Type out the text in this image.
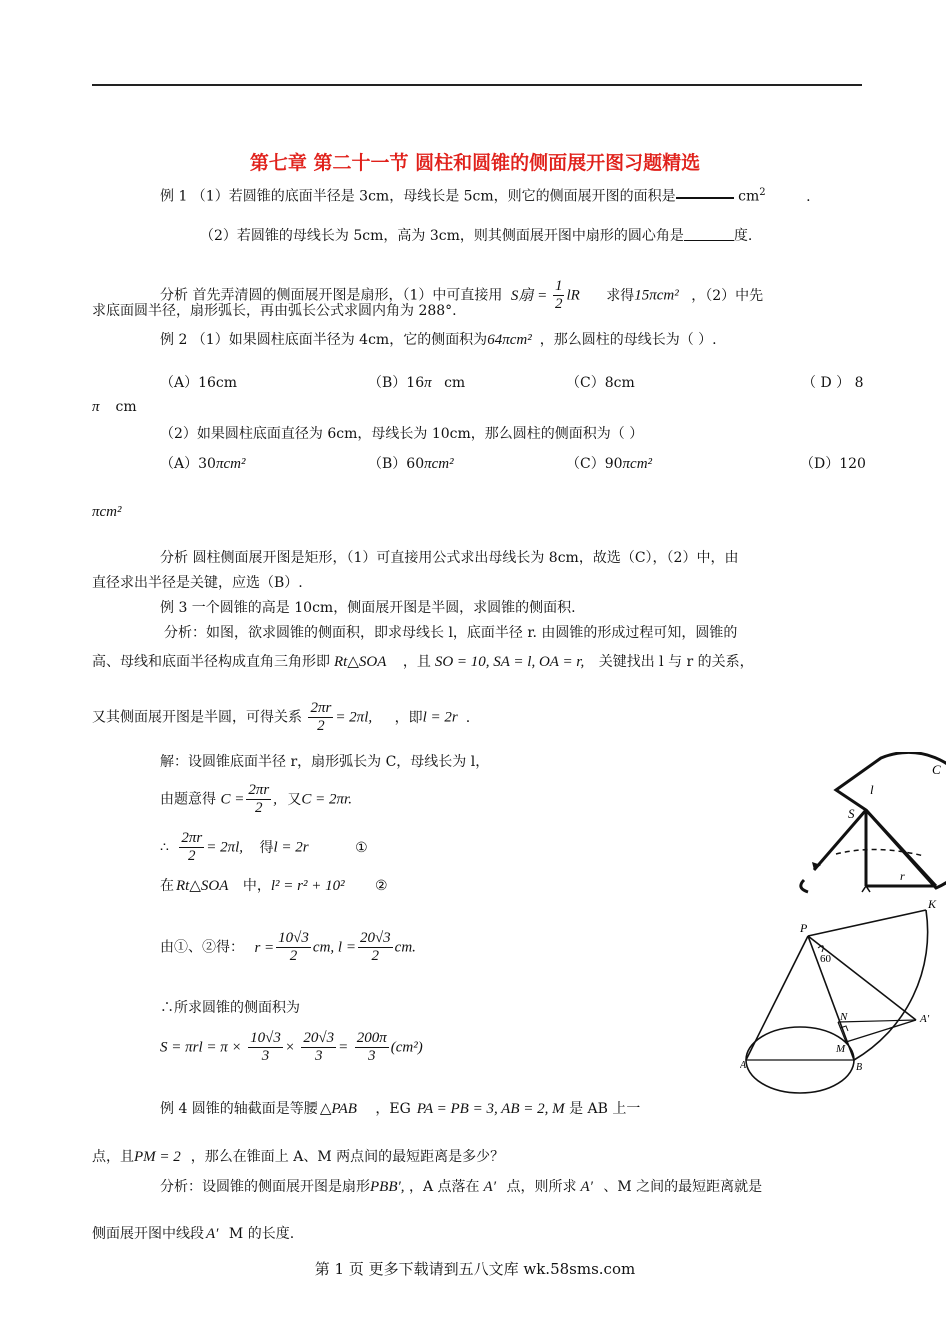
第七章 第二十一节 圆柱和圆锥的侧面展开图习题精选
例 1 （1）若圆锥的底面半径是 3cm，母线长是 5cm，则它的侧面展开图的面积是	$cm^2$	.
（2）若圆锥的母线长为 5cm，高为 3cm，则其侧面展开图中扇形的圆心角是	度.
分析 首先弄清圆的侧面展开图是扇形，（1）中可直接用 S扇 = $\frac{1}{2}$ lR 求得15πcm² ，（2）中先
求底面圆半径，扇形弧长，再由弧长公式求圆内角为 288°.
例 2 （1）如果圆柱底面半径为 4cm，它的侧面积为64πcm² ，那么圆柱的母线长为（ ）.
（A）16cm	（B）16π cm	（C）8cm	（ D ） 8
π cm
（2）如果圆柱底面直径为 6cm，母线长为 10cm，那么圆柱的侧面积为（ ）
（A）30πcm²	（B）60πcm²	（C）90πcm²	（D）120
πcm²
分析 圆柱侧面展开图是矩形，（1）可直接用公式求出母线长为 8cm，故选（C），（2）中，由
直径求出半径是关键，应选（B）.
例 3 一个圆锥的高是 10cm，侧面展开图是半圆，求圆锥的侧面积.
分析：如图，欲求圆锥的侧面积，即求母线长 l，底面半径 r. 由圆锥的形成过程可知，圆锥的
高、母线和底面半径构成直角三角形即 Rt△SOA ，且 SO = 10, SA = l, OA = r, 关键找出 l 与 r 的关系，
又其侧面展开图是半圆，可得关系 $\frac{2\pi r}{2} = 2\pi l$, ，即l = 2r .
解：设圆锥底面半径 r，扇形弧长为 C，母线长为 l，
由题意得 $C = \frac{2\pi r}{2}$ , 又C = 2πr.
∴ $\frac{2\pi r}{2} = 2\pi l$, 得l = 2r	①
在 Rt△SOA 中，l² = r² + 10² ②
由①、②得： $r = \frac{10√3}{2}$ cm, $l = \frac{20√3}{2}$ cm.
∴所求圆锥的侧面积为
$S = \pi rl = \pi \times \frac{10√3}{3} \times \frac{20√3}{3} = \frac{200\pi}{3} (cm^2)$
l
C
S
r
K
P
60
N	A'
M
A	B
例 4 圆锥的轴截面是等腰 △PAB ，EG PA = PB = 3, AB = 2, M 是 AB 上一
点，且PM = 2 ，那么在锥面上 A、M 两点间的最短距离是多少？
分析：设圆锥的侧面展开图是扇形PBB′, ，A 点落在 A′ 点，则所求 A′ 、M 之间的最短距离就是
侧面展开图中线段 A′ M 的长度.
第 1 页 更多下载请到五八文库 wk.58sms.com
